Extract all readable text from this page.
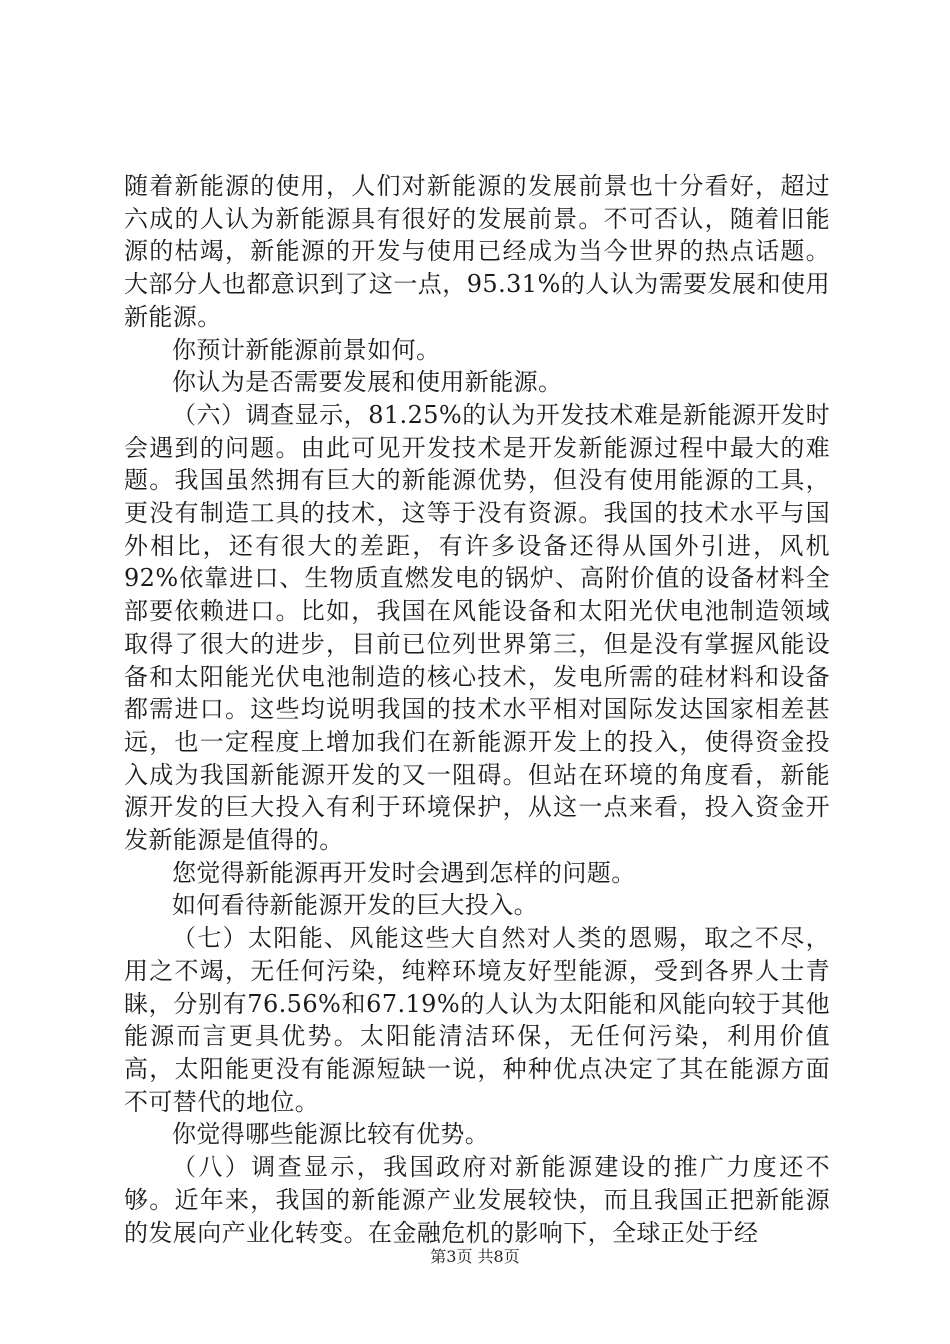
随着新能源的使用，人们对新能源的发展前景也十分看好，超过六成的人认为新能源具有很好的发展前景。不可否认，随着旧能源的枯竭，新能源的开发与使用已经成为当今世界的热点话题。大部分人也都意识到了这一点，95.31%的人认为需要发展和使用新能源。

你预计新能源前景如何。

你认为是否需要发展和使用新能源。

（六）调查显示，81.25%的认为开发技术难是新能源开发时会遇到的问题。由此可见开发技术是开发新能源过程中最大的难题。我国虽然拥有巨大的新能源优势，但没有使用能源的工具，更没有制造工具的技术，这等于没有资源。我国的技术水平与国外相比，还有很大的差距，有许多设备还得从国外引进，风机92%依靠进口、生物质直燃发电的锅炉、高附价值的设备材料全部要依赖进口。比如，我国在风能设备和太阳光伏电池制造领域取得了很大的进步，目前已位列世界第三，但是没有掌握风能设备和太阳能光伏电池制造的核心技术，发电所需的硅材料和设备都需进口。这些均说明我国的技术水平相对国际发达国家相差甚远，也一定程度上增加我们在新能源开发上的投入，使得资金投入成为我国新能源开发的又一阻碍。但站在环境的角度看，新能源开发的巨大投入有利于环境保护，从这一点来看，投入资金开发新能源是值得的。

您觉得新能源再开发时会遇到怎样的问题。

如何看待新能源开发的巨大投入。

（七）太阳能、风能这些大自然对人类的恩赐，取之不尽，用之不竭，无任何污染，纯粹环境友好型能源，受到各界人士青睐，分别有76.56%和67.19%的人认为太阳能和风能向较于其他能源而言更具优势。太阳能清洁环保，无任何污染，利用价值高，太阳能更没有能源短缺一说，种种优点决定了其在能源方面不可替代的地位。

你觉得哪些能源比较有优势。

（八）调查显示，我国政府对新能源建设的推广力度还不够。近年来，我国的新能源产业发展较快，而且我国正把新能源的发展向产业化转变。在金融危机的影响下，全球正处于经

第3页 共8页
